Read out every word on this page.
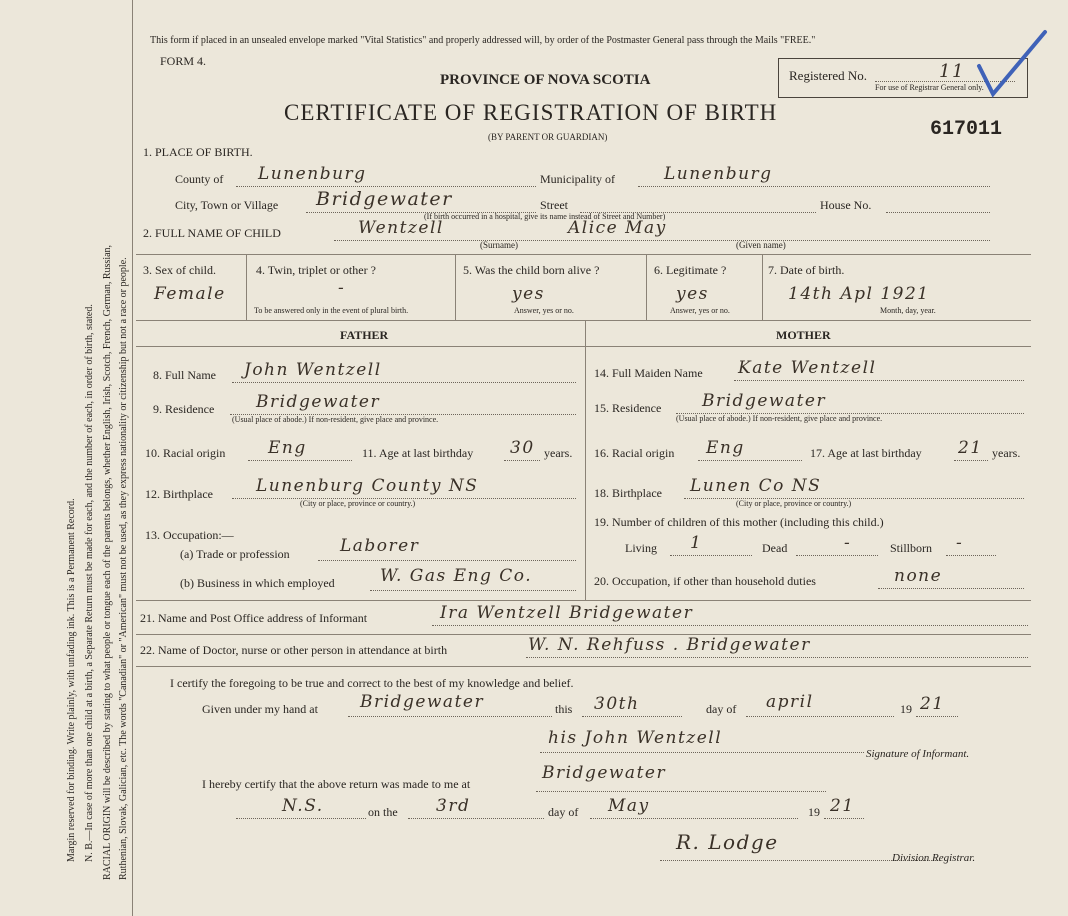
Margin reserved for binding. Write plainly, with unfading ink. This is a Permanent Record. N. B.—In case of more than one child at a birth, a Separate Return must be made for each, and the number of each, in order of birth, stated. RACIAL ORIGIN will be described by stating to what people or tongue each of the parents belongs, whether English, Irish, Scotch, French, German, Russian, Ruthenian, Slovak, Galician, etc. The words "Canadian" or "American" must not be used, as they express nationality or citizenship but not a race or people.
This form if placed in an unsealed envelope marked "Vital Statistics" and properly addressed will, by order of the Postmaster General pass through the Mails "FREE."
FORM 4.
PROVINCE OF NOVA SCOTIA
CERTIFICATE OF REGISTRATION OF BIRTH
(BY PARENT OR GUARDIAN)	617011
Registered No.	11
For use of Registrar General only.
1. PLACE OF BIRTH.
County of Lunenburg	Municipality of	Lunenburg
City, Town or Village Bridgewater	Street	House No.
(If birth occurred in a hospital, give its name instead of Street and Number)
2. FULL NAME OF CHILD	Wentzell
(Surname)
Alice May
(Given name)
3. Sex of child.
Female
4. Twin, triplet or other ?
-
To be answered only in the event of plural birth.
5. Was the child born alive ?
yes
Answer, yes or no.
6. Legitimate ?
yes
Answer, yes or no.
7. Date of birth.
14th Apl 1921
Month, day, year.
FATHER	MOTHER
8. Full Name John Wentzell
9. Residence Bridgewater
(Usual place of abode.) If non-resident, give place and province.
10. Racial origin	Eng	11. Age at last birthday 30 years.
12. Birthplace	Lunenburg County NS
(City or place, province or country.)
13. Occupation:—
(a) Trade or profession	Laborer
(b) Business in which employed	W. Gas Eng Co.
14. Full Maiden Name Kate Wentzell
15. Residence Bridgewater
(Usual place of abode.) If non-resident, give place and province.
16. Racial origin Eng	17. Age at last birthday 21 years.
18. Birthplace Lunen Co NS
(City or place, province or country.)
19. Number of children of this mother (including this child.)
Living 1	Dead	-	Stillborn -
20. Occupation, if other than household duties	none
21. Name and Post Office address of Informant	Ira Wentzell Bridgewater
22. Name of Doctor, nurse or other person in attendance at birth	W. N. Rehfuss . Bridgewater
I certify the foregoing to be true and correct to the best of my knowledge and belief.
Given under my hand at Bridgewater	this 30th	day of april	19 21
his John Wentzell
Signature of Informant.
I hereby certify that the above return was made to me at
Bridgewater
N.S.	on the 3rd	day of May	19 21
R. Lodge
Division Registrar.
